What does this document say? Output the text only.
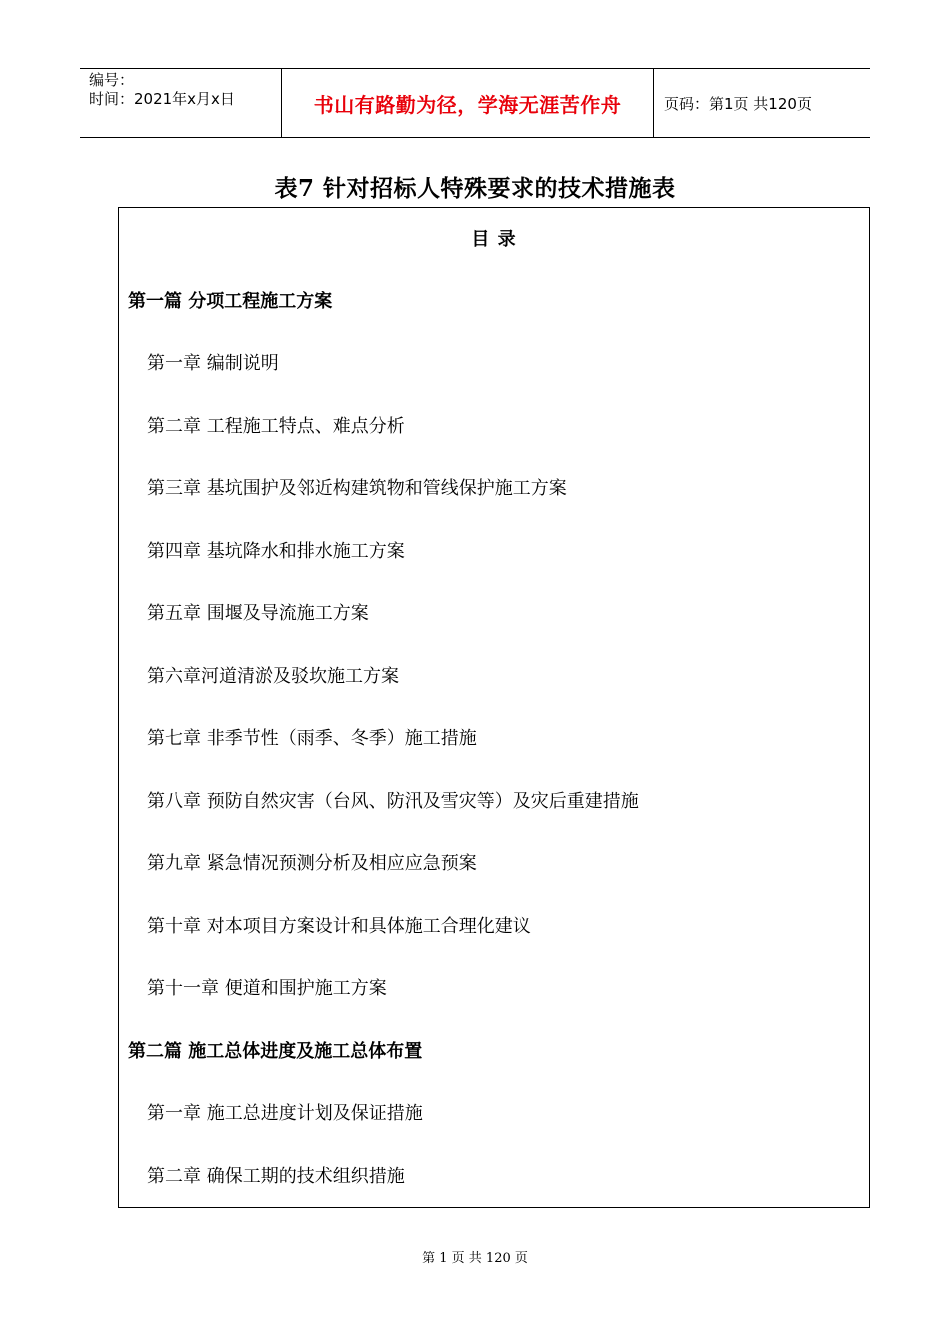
编号：
时间：2021年x月x日	书山有路勤为径，学海无涯苦作舟	页码：第1页 共120页
表7 针对招标人特殊要求的技术措施表
目 录
第一篇 分项工程施工方案
第一章 编制说明
第二章 工程施工特点、难点分析
第三章 基坑围护及邻近构建筑物和管线保护施工方案
第四章 基坑降水和排水施工方案
第五章 围堰及导流施工方案
第六章河道清淤及驳坎施工方案
第七章 非季节性（雨季、冬季）施工措施
第八章 预防自然灾害（台风、防汛及雪灾等）及灾后重建措施
第九章 紧急情况预测分析及相应应急预案
第十章 对本项目方案设计和具体施工合理化建议
第十一章 便道和围护施工方案
第二篇 施工总体进度及施工总体布置
第一章 施工总进度计划及保证措施
第二章 确保工期的技术组织措施
第 1 页 共 120 页
